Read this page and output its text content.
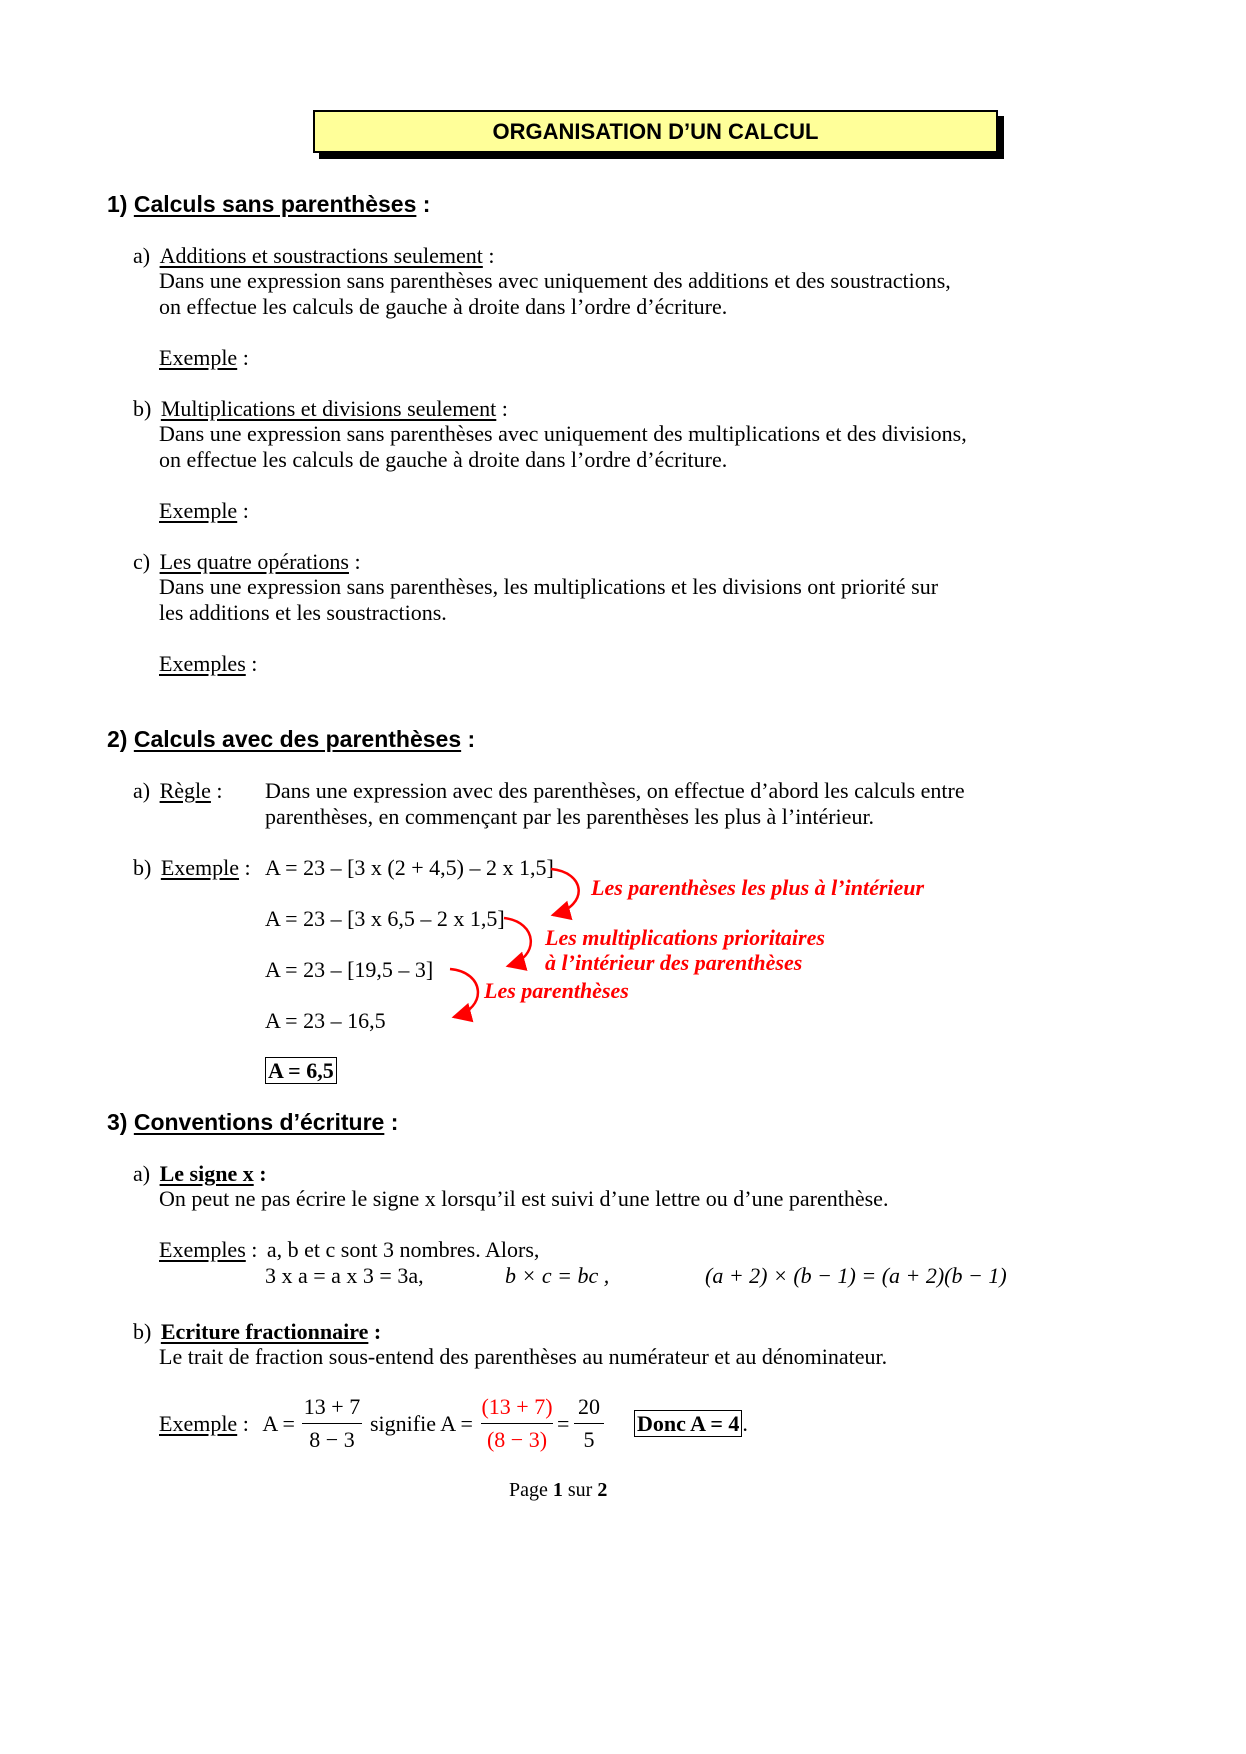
ORGANISATION D’UN CALCUL
1) Calculs sans parenthèses :
a) Additions et soustractions seulement :
Dans une expression sans parenthèses avec uniquement des additions et des soustractions,
on effectue les calculs de gauche à droite dans l’ordre d’écriture.
Exemple :
b) Multiplications et divisions seulement :
Dans une expression sans parenthèses avec uniquement des multiplications et des divisions,
on effectue les calculs de gauche à droite dans l’ordre d’écriture.
Exemple :
c) Les quatre opérations :
Dans une expression sans parenthèses, les multiplications et les divisions ont priorité sur
les additions et les soustractions.
Exemples :
2) Calculs avec des parenthèses :
a) Règle : Dans une expression avec des parenthèses, on effectue d’abord les calculs entre
parenthèses, en commençant par les parenthèses les plus à l’intérieur.
b) Exemple : A = 23 – [3 x (2 + 4,5) – 2 x 1,5]
A = 23 – [3 x 6,5 – 2 x 1,5]
A = 23 – [19,5 – 3]
A = 23 – 16,5
A = 6,5
Les parenthèses les plus à l’intérieur
Les multiplications prioritaires
à l’intérieur des parenthèses
Les parenthèses
3) Conventions d’écriture :
a) Le signe x :
On peut ne pas écrire le signe x lorsqu’il est suivi d’une lettre ou d’une parenthèse.
Exemples : a, b et c sont 3 nombres. Alors,
3 x a = a x 3 = 3a,	b × c = bc ,	(a + 2) × (b − 1) = (a + 2)(b − 1)
b) Ecriture fractionnaire :
Le trait de fraction sous-entend des parenthèses au numérateur et au dénominateur.
Exemple : A =
13 + 7
8 − 3
signifie A =
(13 + 7)
(8 − 3)
=
20
5
Donc A = 4 .
Page 1 sur 2
